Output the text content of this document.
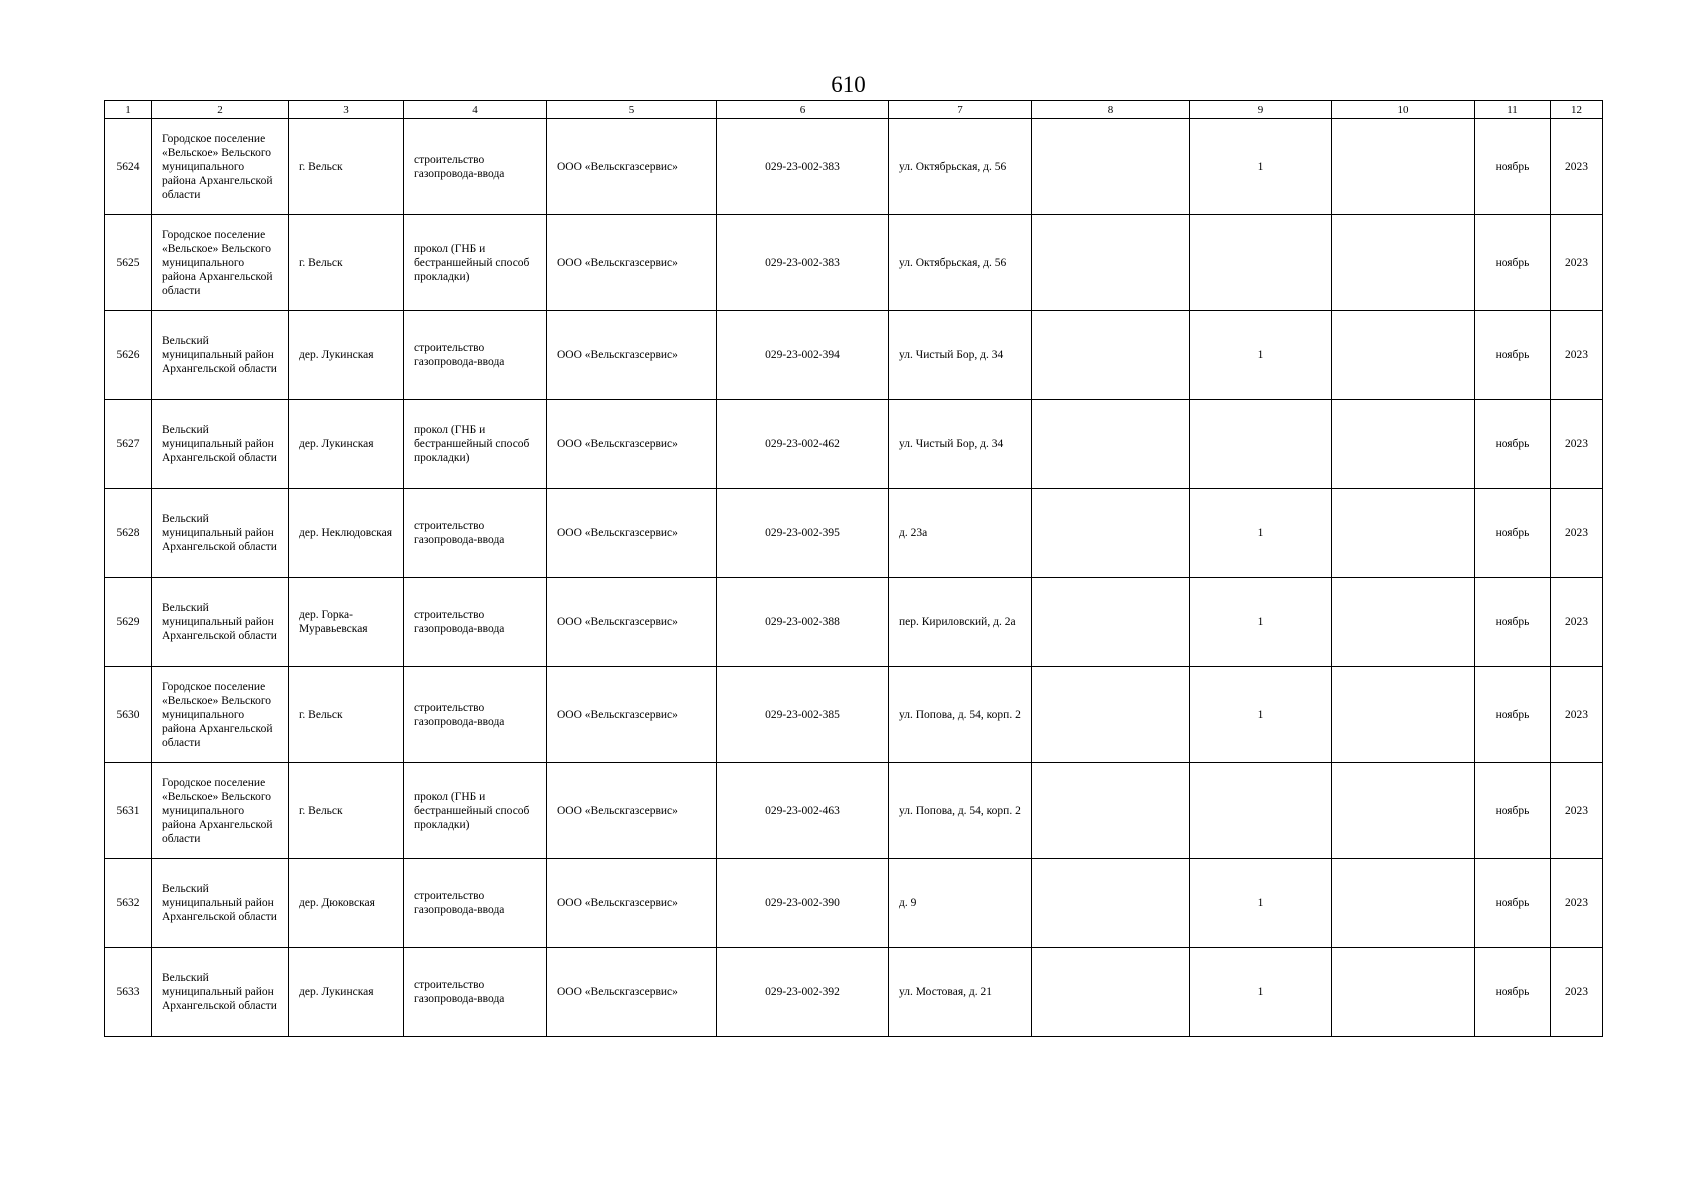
610
1	2	3	4	5	6	7	8	9	10	11	12
5624	Городское поселение «Вельское» Вельского муниципального района Архангельской области	г. Вельск	строительство газопровода-ввода	ООО «Вельскгазсервис»	029-23-002-383	ул. Октябрьская, д. 56		1		ноябрь	2023
5625	Городское поселение «Вельское» Вельского муниципального района Архангельской области	г. Вельск	прокол (ГНБ и бестраншейный способ прокладки)	ООО «Вельскгазсервис»	029-23-002-383	ул. Октябрьская, д. 56				ноябрь	2023
5626	Вельский муниципальный район Архангельской области	дер. Лукинская	строительство газопровода-ввода	ООО «Вельскгазсервис»	029-23-002-394	ул. Чистый Бор, д. 34		1		ноябрь	2023
5627	Вельский муниципальный район Архангельской области	дер. Лукинская	прокол (ГНБ и бестраншейный способ прокладки)	ООО «Вельскгазсервис»	029-23-002-462	ул. Чистый Бор, д. 34				ноябрь	2023
5628	Вельский муниципальный район Архангельской области	дер. Неклюдовская	строительство газопровода-ввода	ООО «Вельскгазсервис»	029-23-002-395	д. 23а		1		ноябрь	2023
5629	Вельский муниципальный район Архангельской области	дер. Горка-Муравьевская	строительство газопровода-ввода	ООО «Вельскгазсервис»	029-23-002-388	пер. Кириловский, д. 2а		1		ноябрь	2023
5630	Городское поселение «Вельское» Вельского муниципального района Архангельской области	г. Вельск	строительство газопровода-ввода	ООО «Вельскгазсервис»	029-23-002-385	ул. Попова, д. 54, корп. 2		1		ноябрь	2023
5631	Городское поселение «Вельское» Вельского муниципального района Архангельской области	г. Вельск	прокол (ГНБ и бестраншейный способ прокладки)	ООО «Вельскгазсервис»	029-23-002-463	ул. Попова, д. 54, корп. 2				ноябрь	2023
5632	Вельский муниципальный район Архангельской области	дер. Дюковская	строительство газопровода-ввода	ООО «Вельскгазсервис»	029-23-002-390	д. 9		1		ноябрь	2023
5633	Вельский муниципальный район Архангельской области	дер. Лукинская	строительство газопровода-ввода	ООО «Вельскгазсервис»	029-23-002-392	ул. Мостовая, д. 21		1		ноябрь	2023
